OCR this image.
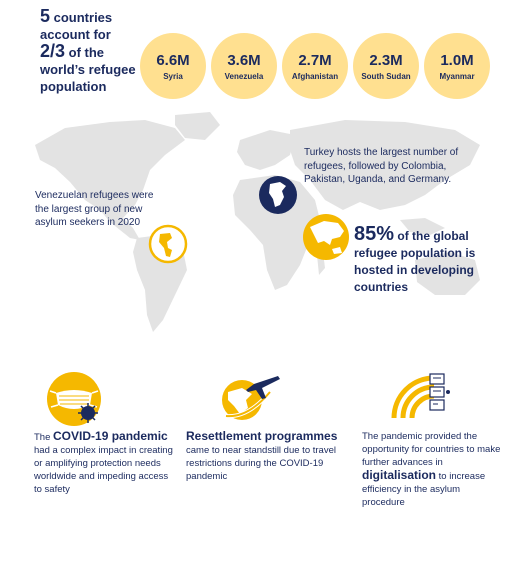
5 countries
account for
2/3 of the
world’s refugee
population
6.6M
Syria
3.6M
Venezuela
2.7M
Afghanistan
2.3M
South Sudan
1.0M
Myanmar
Venezuelan refugees were the largest group of new asylum seekers in 2020
Turkey hosts the largest number of refugees, followed by Colombia, Pakistan, Uganda, and Germany.
85% of the global refugee population is hosted in developing countries
The COVID-19 pandemic had a complex impact in creating or amplifying protection needs worldwide and impeding access to safety
Resettlement programmes came to near standstill due to travel restrictions during the COVID-19 pandemic
The pandemic provided the opportunity for countries to make further advances in digitalisation to increase efficiency in the asylum procedure
